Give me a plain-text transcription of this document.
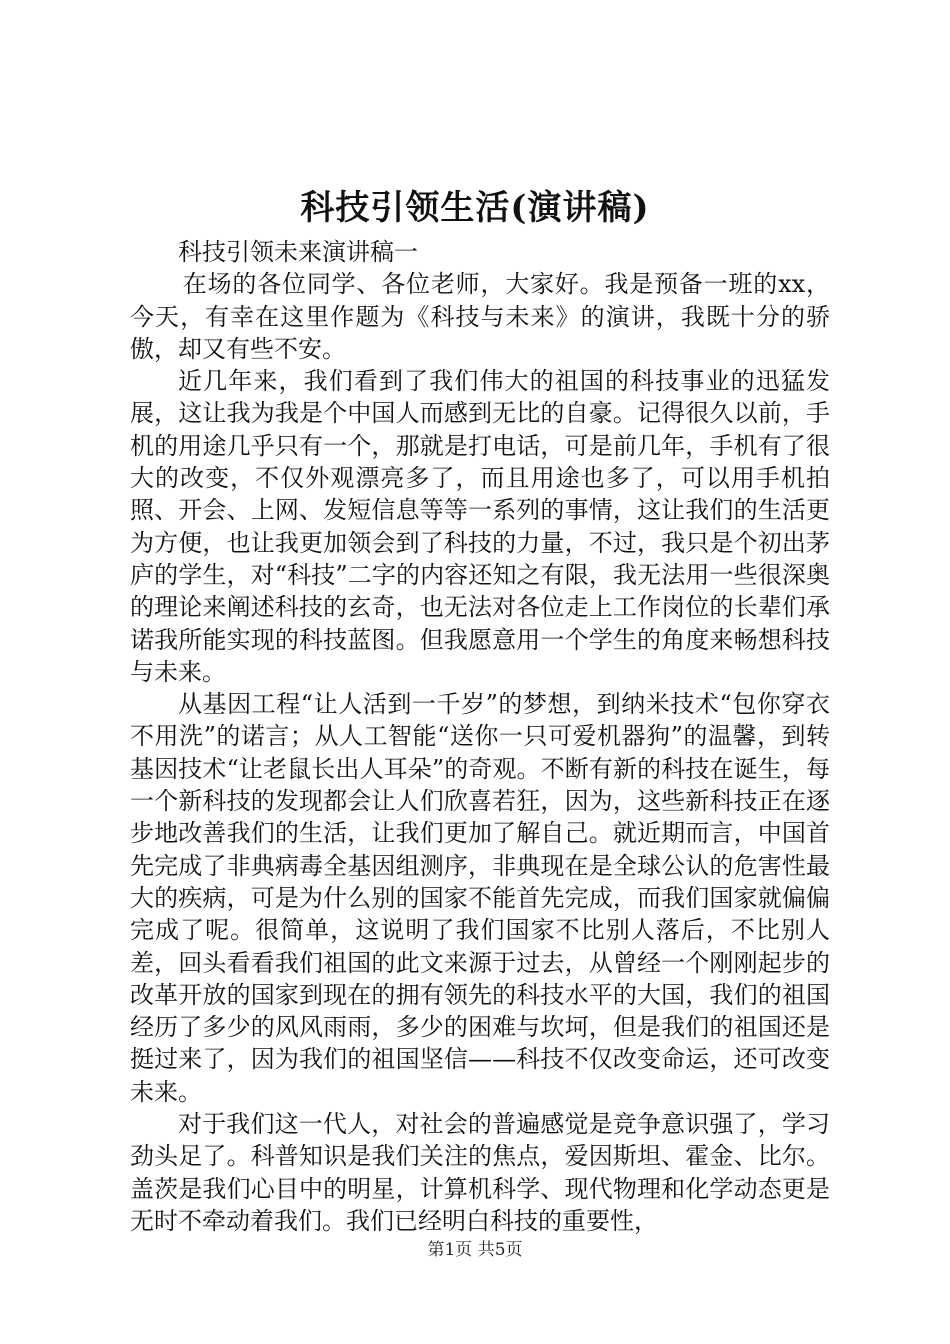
科技引领生活(演讲稿)

科技引领未来演讲稿一

在场的各位同学、各位老师，大家好。我是预备一班的xx，今天，有幸在这里作题为《科技与未来》的演讲，我既十分的骄傲，却又有些不安。

近几年来，我们看到了我们伟大的祖国的科技事业的迅猛发展，这让我为我是个中国人而感到无比的自豪。记得很久以前，手机的用途几乎只有一个，那就是打电话，可是前几年，手机有了很大的改变，不仅外观漂亮多了，而且用途也多了，可以用手机拍照、开会、上网、发短信息等等一系列的事情，这让我们的生活更为方便，也让我更加领会到了科技的力量，不过，我只是个初出茅庐的学生，对“科技”二字的内容还知之有限，我无法用一些很深奥的理论来阐述科技的玄奇，也无法对各位走上工作岗位的长辈们承诺我所能实现的科技蓝图。但我愿意用一个学生的角度来畅想科技与未来。

从基因工程“让人活到一千岁”的梦想，到纳米技术“包你穿衣不用洗”的诺言；从人工智能“送你一只可爱机器狗”的温馨，到转基因技术“让老鼠长出人耳朵”的奇观。不断有新的科技在诞生，每一个新科技的发现都会让人们欣喜若狂，因为，这些新科技正在逐步地改善我们的生活，让我们更加了解自己。就近期而言，中国首先完成了非典病毒全基因组测序，非典现在是全球公认的危害性最大的疾病，可是为什么别的国家不能首先完成，而我们国家就偏偏完成了呢。很简单，这说明了我们国家不比别人落后，不比别人差，回头看看我们祖国的此文来源于过去，从曾经一个刚刚起步的改革开放的国家到现在的拥有领先的科技水平的大国，我们的祖国经历了多少的风风雨雨，多少的困难与坎坷，但是我们的祖国还是挺过来了，因为我们的祖国坚信——科技不仅改变命运，还可改变未来。

对于我们这一代人，对社会的普遍感觉是竞争意识强了，学习劲头足了。科普知识是我们关注的焦点，爱因斯坦、霍金、比尔。盖茨是我们心目中的明星，计算机科学、现代物理和化学动态更是无时不牵动着我们。我们已经明白科技的重要性，

第1页 共5页
